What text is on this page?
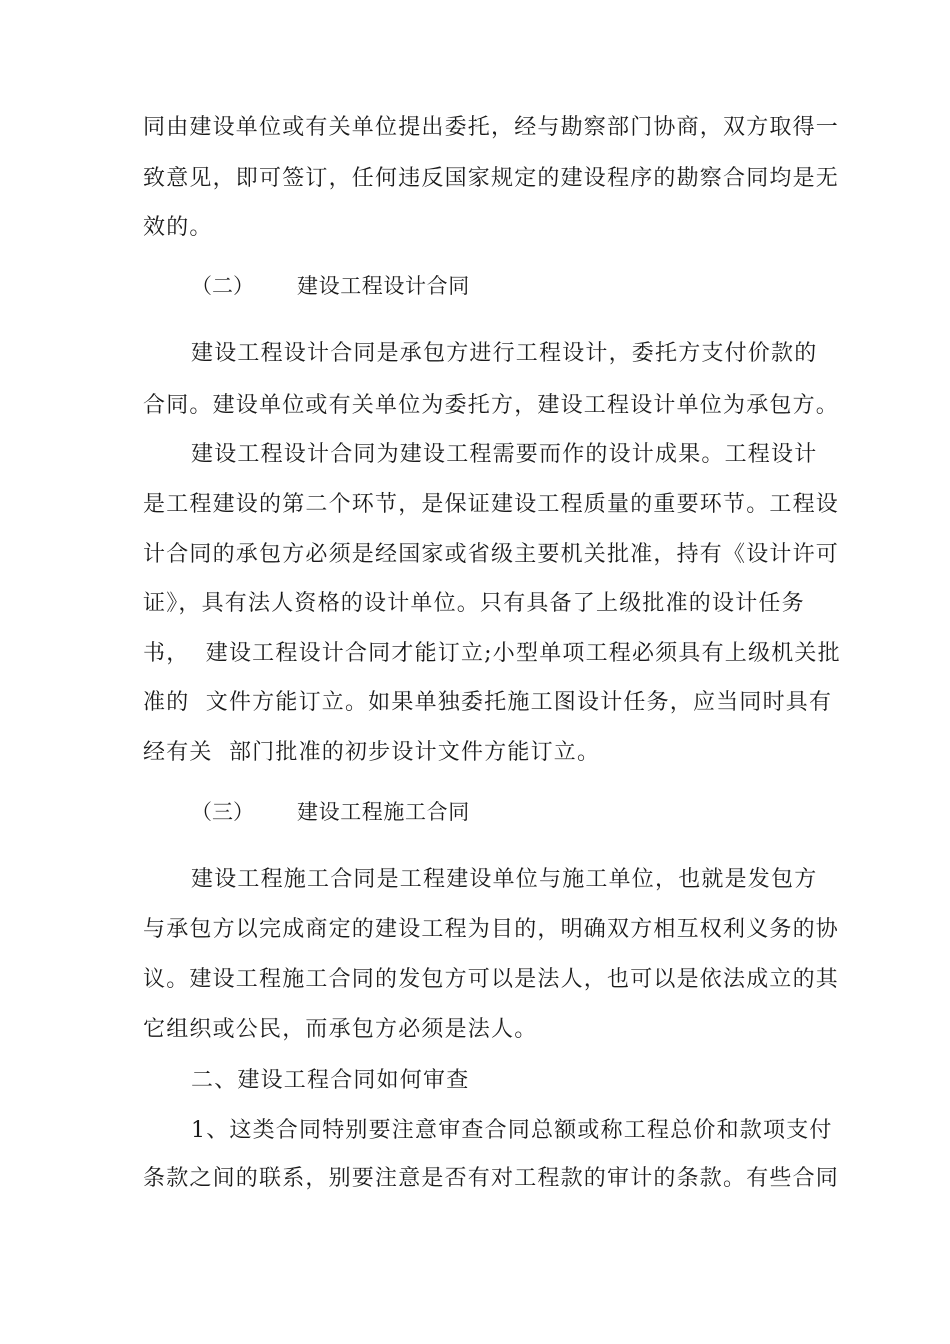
同由建设单位或有关单位提出委托，经与勘察部门协商，双方取得一
致意见，即可签订，任何违反国家规定的建设程序的勘察合同均是无
效的。
（二） 建设工程设计合同
建设工程设计合同是承包方进行工程设计，委托方支付价款的
合同。建设单位或有关单位为委托方，建设工程设计单位为承包方。
建设工程设计合同为建设工程需要而作的设计成果。工程设计
是工程建设的第二个环节，是保证建设工程质量的重要环节。工程设
计合同的承包方必须是经国家或省级主要机关批准，持有《设计许可
证》，具有法人资格的设计单位。只有具备了上级批准的设计任务
书，  建设工程设计合同才能订立;小型单项工程必须具有上级机关批
准的  文件方能订立。如果单独委托施工图设计任务，应当同时具有
经有关  部门批准的初步设计文件方能订立。
（三） 建设工程施工合同
建设工程施工合同是工程建设单位与施工单位，也就是发包方
与承包方以完成商定的建设工程为目的，明确双方相互权利义务的协
议。建设工程施工合同的发包方可以是法人，也可以是依法成立的其
它组织或公民，而承包方必须是法人。
二、建设工程合同如何审查
1、这类合同特别要注意审查合同总额或称工程总价和款项支付
条款之间的联系，别要注意是否有对工程款的审计的条款。有些合同
